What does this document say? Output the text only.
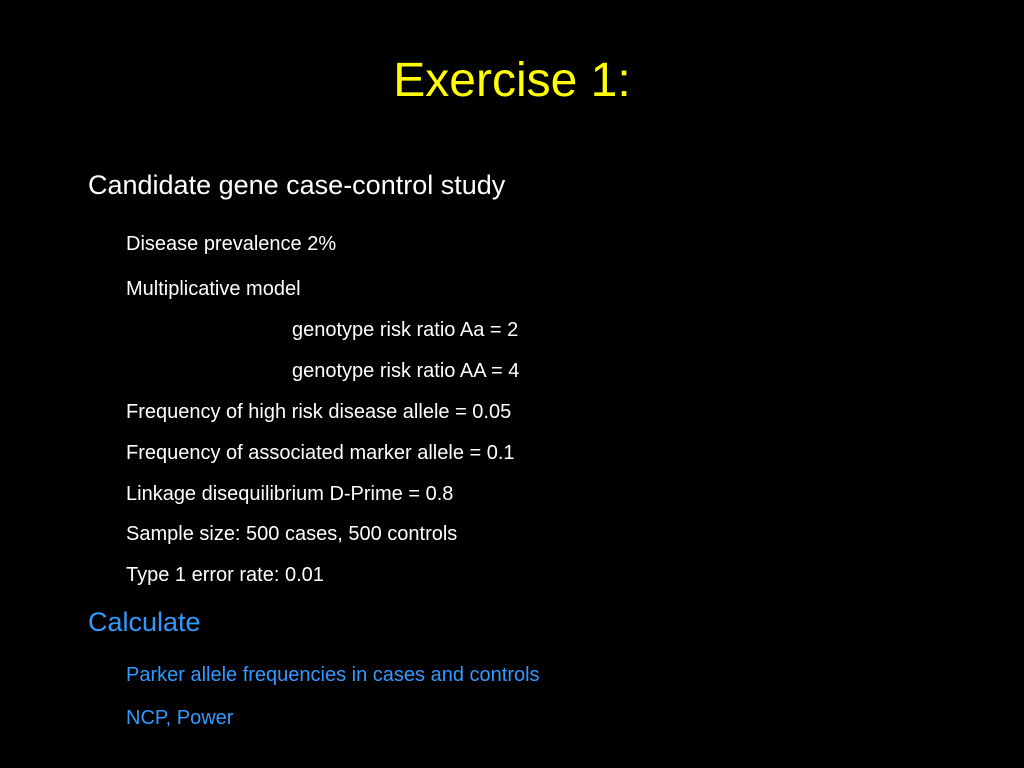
Exercise 1:
Candidate gene case-control study
Disease prevalence 2%
Multiplicative model
genotype risk ratio Aa = 2
genotype risk ratio AA = 4
Frequency of high risk disease allele = 0.05
Frequency of associated marker allele = 0.1
Linkage disequilibrium D-Prime = 0.8
Sample size: 500 cases, 500 controls
Type 1 error rate: 0.01
Calculate
Parker allele frequencies in cases and controls
NCP, Power
